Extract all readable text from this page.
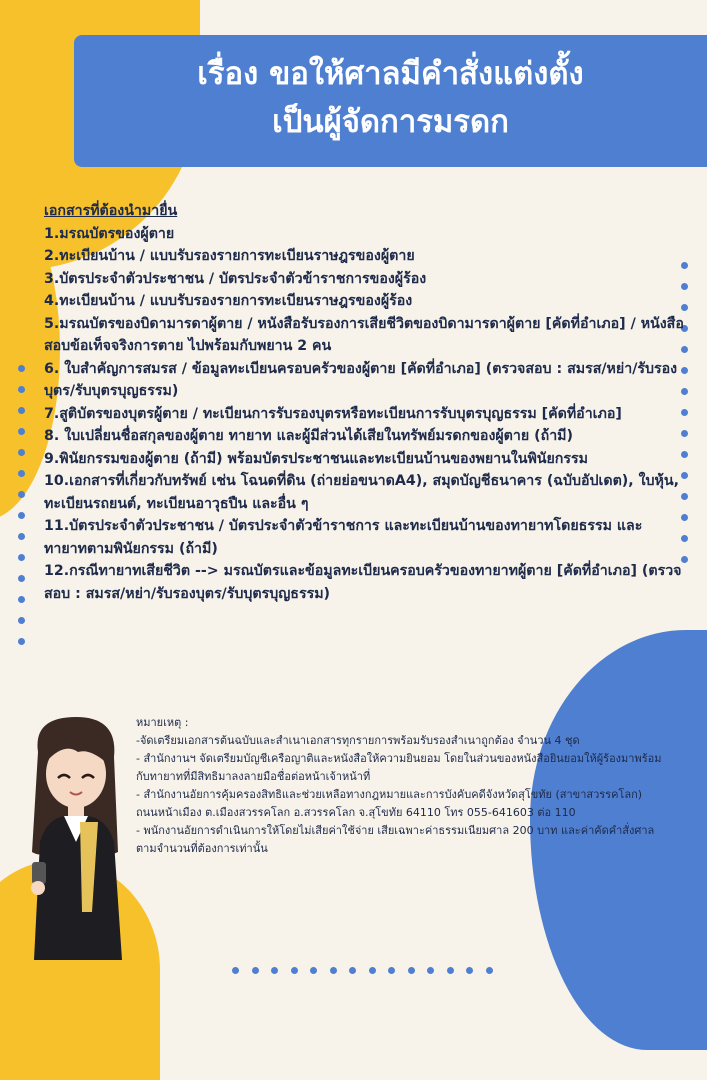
เรื่อง ขอให้ศาลมีคำสั่งแต่งตั้ง
เป็นผู้จัดการมรดก
เอกสารที่ต้องนำมายื่น

1.มรณบัตรของผู้ตาย

2.ทะเบียนบ้าน / แบบรับรองรายการทะเบียนราษฎรของผู้ตาย

3.บัตรประจำตัวประชาชน / บัตรประจำตัวข้าราชการของผู้ร้อง

4.ทะเบียนบ้าน / แบบรับรองรายการทะเบียนราษฎรของผู้ร้อง

5.มรณบัตรของบิดามารดาผู้ตาย / หนังสือรับรองการเสียชีวิตของบิดามารดาผู้ตาย [คัดที่อำเภอ] / หนังสือสอบข้อเท็จจริงการตาย ไปพร้อมกับพยาน 2 คน

6. ใบสำคัญการสมรส / ข้อมูลทะเบียนครอบครัวของผู้ตาย [คัดที่อำเภอ] (ตรวจสอบ : สมรส/หย่า/รับรองบุตร/รับบุตรบุญธรรม)

7.สูติบัตรของบุตรผู้ตาย / ทะเบียนการรับรองบุตรหรือทะเบียนการรับบุตรบุญธรรม [คัดที่อำเภอ]

8. ใบเปลี่ยนชื่อสกุลของผู้ตาย ทายาท และผู้มีส่วนได้เสียในทรัพย์มรดกของผู้ตาย (ถ้ามี)

9.พินัยกรรมของผู้ตาย (ถ้ามี) พร้อมบัตรประชาชนและทะเบียนบ้านของพยานในพินัยกรรม

10.เอกสารที่เกี่ยวกับทรัพย์ เช่น โฉนดที่ดิน (ถ่ายย่อขนาดA4), สมุดบัญชีธนาคาร (ฉบับอัปเดต), ใบหุ้น, ทะเบียนรถยนต์, ทะเบียนอาวุธปืน และอื่น ๆ

11.บัตรประจำตัวประชาชน / บัตรประจำตัวข้าราชการ และทะเบียนบ้านของทายาทโดยธรรม และทายาทตามพินัยกรรม (ถ้ามี)

12.กรณีทายาทเสียชีวิต --> มรณบัตรและข้อมูลทะเบียนครอบครัวของทายาทผู้ตาย [คัดที่อำเภอ] (ตรวจสอบ : สมรส/หย่า/รับรองบุตร/รับบุตรบุญธรรม)

หมายเหตุ :

-จัดเตรียมเอกสารต้นฉบับและสำเนาเอกสารทุกรายการพร้อมรับรองสำเนาถูกต้อง จำนวน 4 ชุด

- สำนักงานฯ จัดเตรียมบัญชีเครือญาติและหนังสือให้ความยินยอม โดยในส่วนของหนังสือยินยอมให้ผู้ร้องมาพร้อมกับทายาทที่มีสิทธิมาลงลายมือชื่อต่อหน้าเจ้าหน้าที่

- สำนักงานอัยการคุ้มครองสิทธิและช่วยเหลือทางกฎหมายและการบังคับคดีจังหวัดสุโขทัย (สาขาสวรรคโลก) ถนนหน้าเมือง ต.เมืองสวรรคโลก อ.สวรรคโลก จ.สุโขทัย 64110 โทร 055-641603 ต่อ 110

- พนักงานอัยการดำเนินการให้โดยไม่เสียค่าใช้จ่าย เสียเฉพาะค่าธรรมเนียมศาล 200 บาท และค่าคัดคำสั่งศาลตามจำนวนที่ต้องการเท่านั้น
